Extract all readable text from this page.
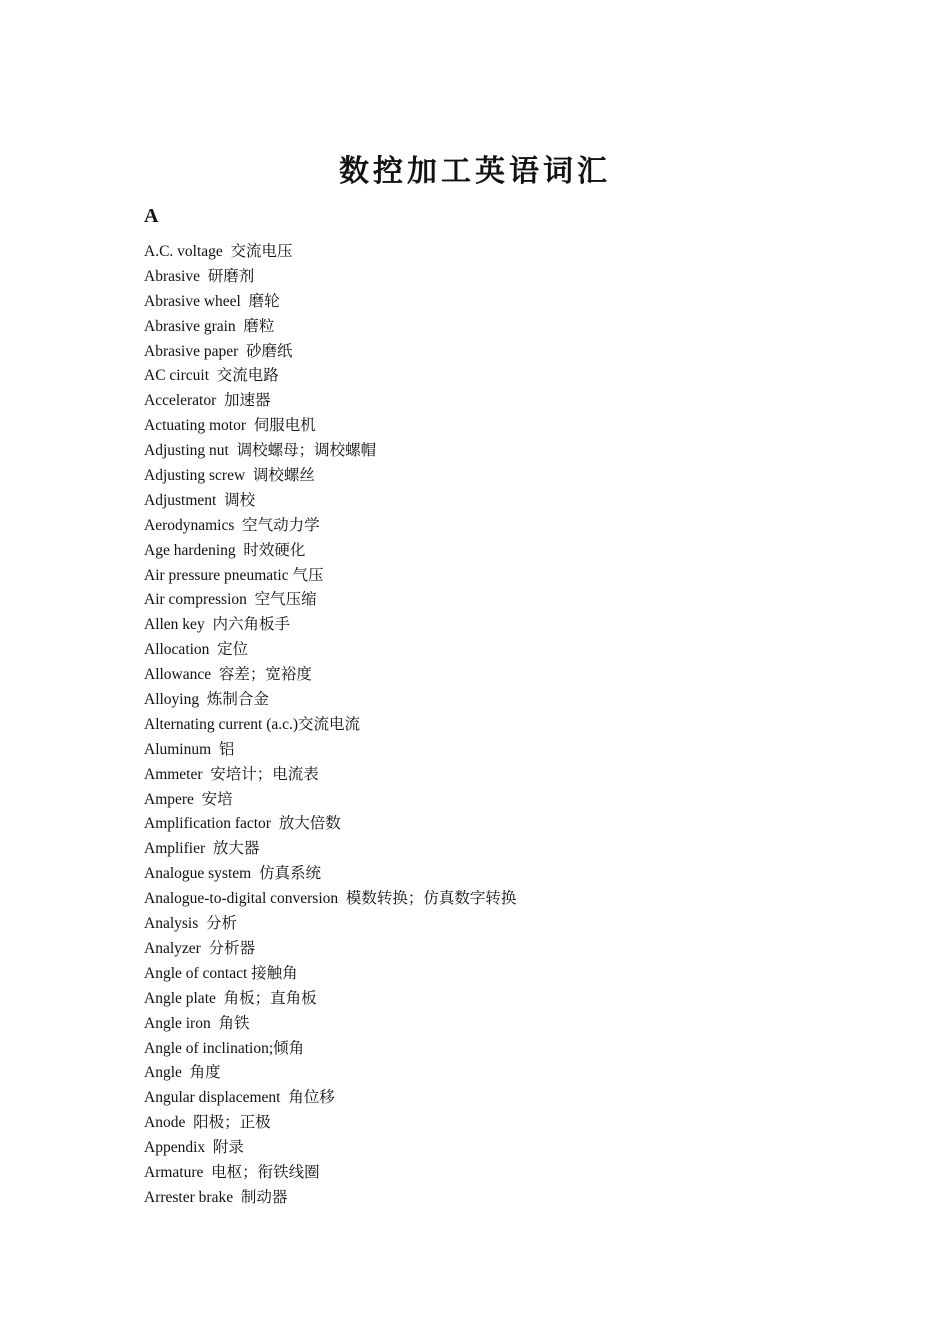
数控加工英语词汇
A
A.C. voltage  交流电压
Abrasive  研磨剂
Abrasive wheel  磨轮
Abrasive grain  磨粒
Abrasive paper  砂磨纸
AC circuit  交流电路
Accelerator  加速器
Actuating motor  伺服电机
Adjusting nut  调校螺母；调校螺帽
Adjusting screw  调校螺丝
Adjustment  调校
Aerodynamics  空气动力学
Age hardening  时效硬化
Air pressure pneumatic 气压
Air compression  空气压缩
Allen key  内六角板手
Allocation  定位
Allowance  容差；宽裕度
Alloying  炼制合金
Alternating current (a.c.)交流电流
Aluminum  铝
Ammeter  安培计；电流表
Ampere  安培
Amplification factor  放大倍数
Amplifier  放大器
Analogue system  仿真系统
Analogue-to-digital conversion  模数转换；仿真数字转换
Analysis  分析
Analyzer  分析器
Angle of contact 接触角
Angle plate  角板；直角板
Angle iron  角铁
Angle of inclination;倾角
Angle  角度
Angular displacement  角位移
Anode  阳极；正极
Appendix  附录
Armature  电枢；衔铁线圈
Arrester brake  制动器
